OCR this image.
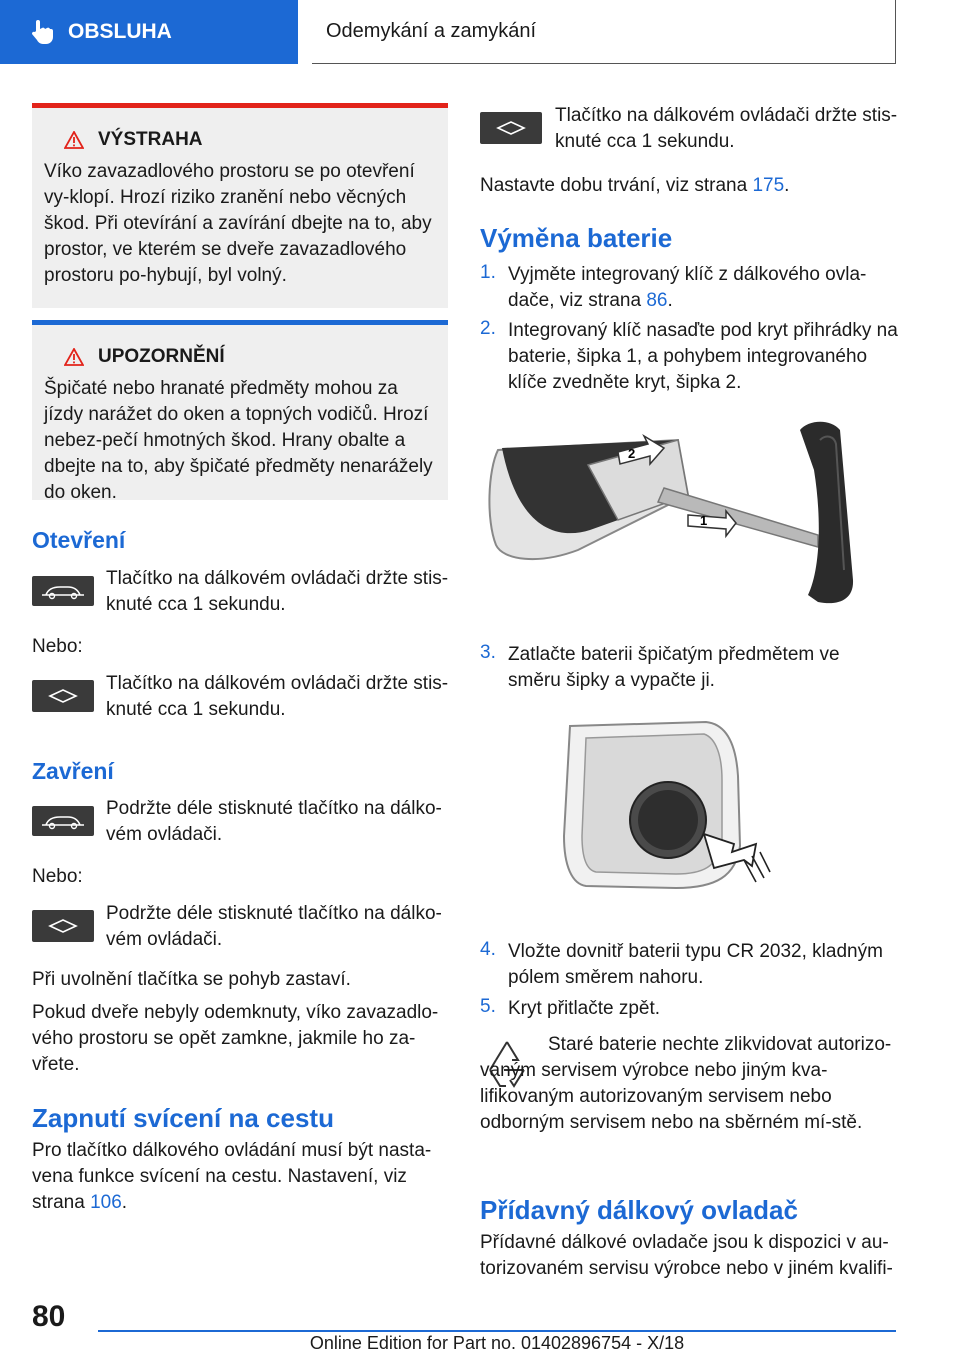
OBSLUHA	Odemykání a zamykání
VÝSTRAHA
Víko zavazadlového prostoru se po otevření vy-klopí. Hrozí riziko zranění nebo věcných škod. Při otevírání a zavírání dbejte na to, aby prostor, ve kterém se dveře zavazadlového prostoru po-hybují, byl volný.
UPOZORNĚNÍ
Špičaté nebo hranaté předměty mohou za jízdy narážet do oken a topných vodičů. Hrozí nebez-pečí hmotných škod. Hrany obalte a dbejte na to, aby špičaté předměty nenarážely do oken.
Otevření
Tlačítko na dálkovém ovládači držte stis-knuté cca 1 sekundu.
Nebo:
Tlačítko na dálkovém ovládači držte stis-knuté cca 1 sekundu.
Zavření
Podržte déle stisknuté tlačítko na dálko-vém ovládači.
Nebo:
Podržte déle stisknuté tlačítko na dálko-vém ovládači.
Při uvolnění tlačítka se pohyb zastaví.
Pokud dveře nebyly odemknuty, víko zavazadlo-vého prostoru se opět zamkne, jakmile ho za-vřete.
Zapnutí svícení na cestu
Pro tlačítko dálkového ovládání musí být nasta-vena funkce svícení na cestu. Nastavení, viz strana 106.
Tlačítko na dálkovém ovládači držte stis-knuté cca 1 sekundu.
Nastavte dobu trvání, viz strana 175.
Výměna baterie
1. Vyjměte integrovaný klíč z dálkového ovla-dače, viz strana 86.
2. Integrovaný klíč nasaďte pod kryt přihrádky na baterie, šipka 1, a pohybem integrovaného klíče zvedněte kryt, šipka 2.
3. Zatlačte baterii špičatým předmětem ve směru šipky a vypačte ji.
4. Vložte dovnitř baterii typu CR 2032, kladným pólem směrem nahoru.
5. Kryt přitlačte zpět.
1
2
Staré baterie nechte zlikvidovat autorizo-vaným servisem výrobce nebo jiným kva-lifikovaným autorizovaným servisem nebo odborným servisem nebo na sběrném mí-stě.
Přídavný dálkový ovladač
Přídavné dálkové ovladače jsou k dispozici v au-torizovaném servisu výrobce nebo v jiném kvalifi-
80
Online Edition for Part no. 01402896754 - X/18
